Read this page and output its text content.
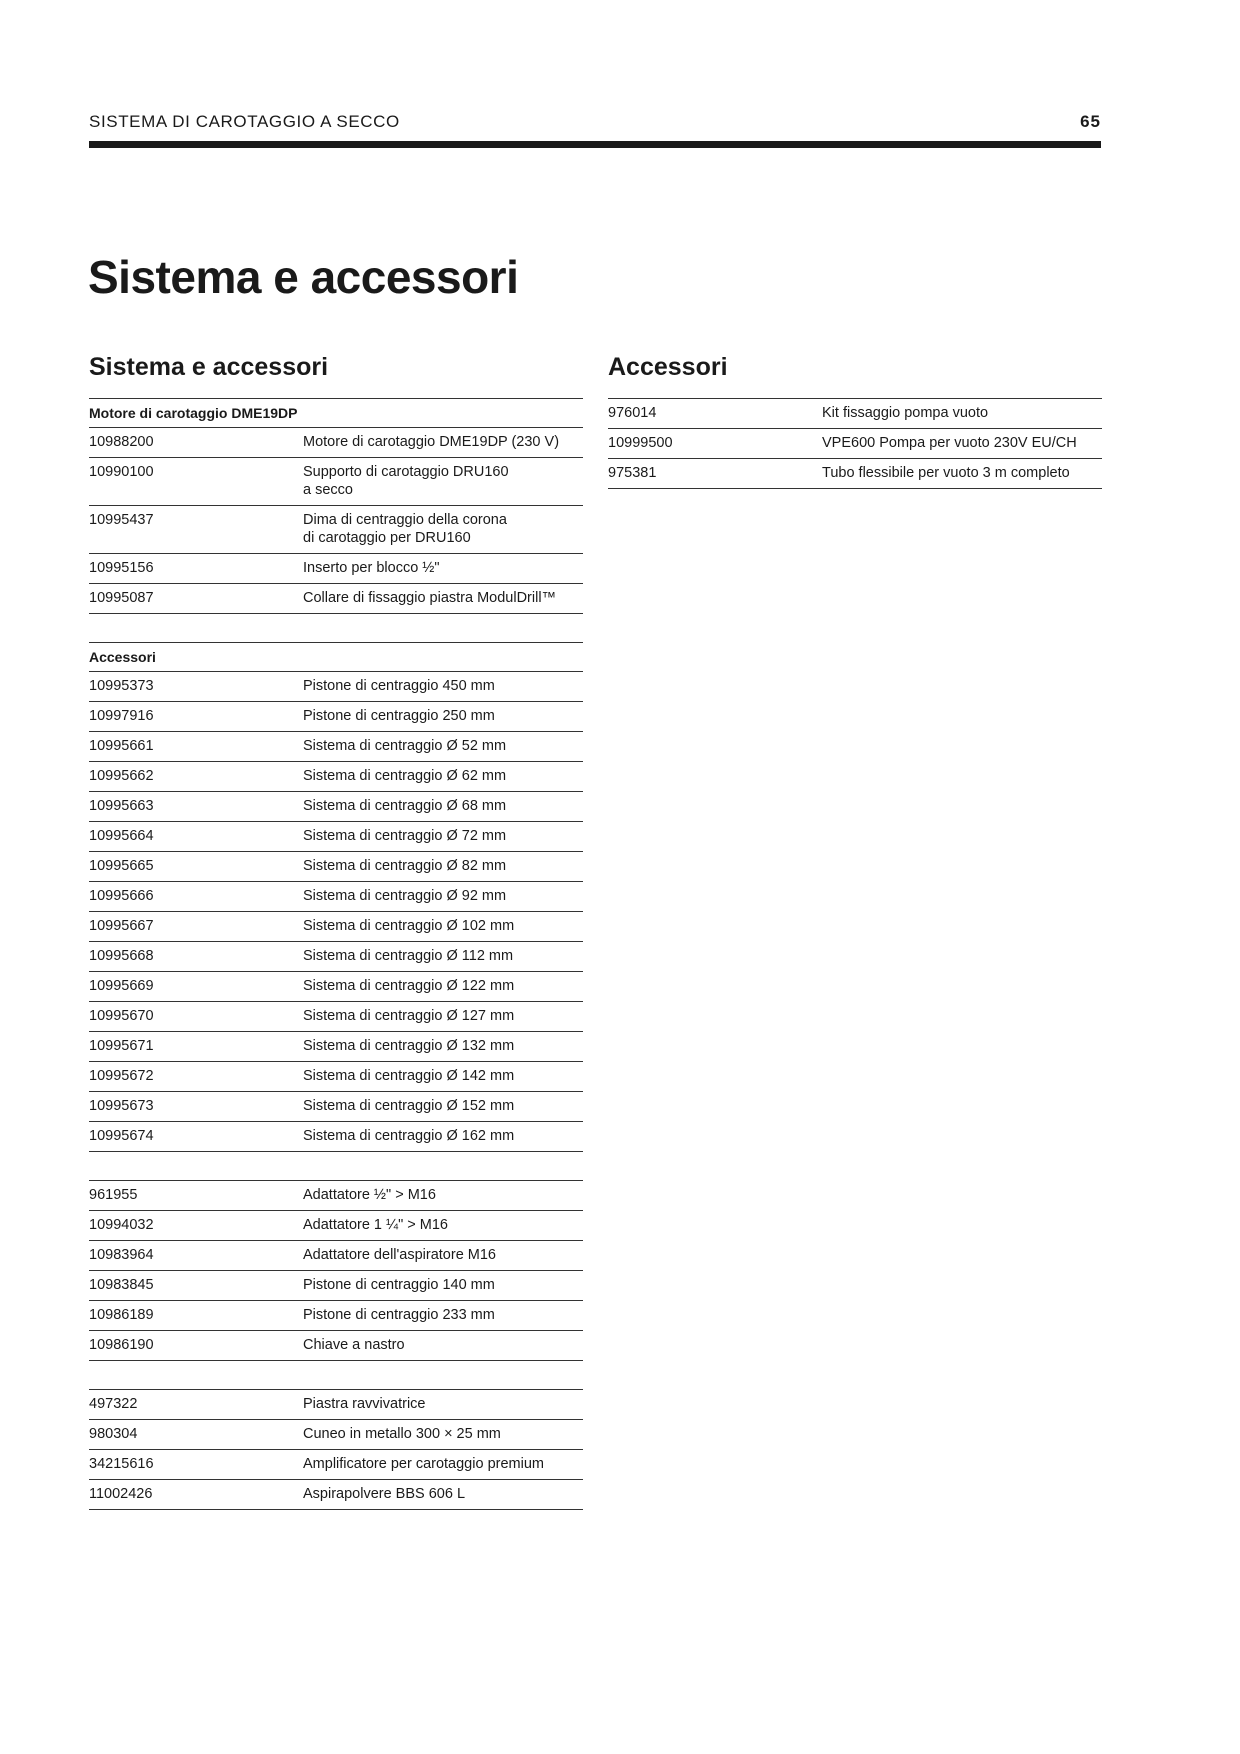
SISTEMA DI CAROTAGGIO A SECCO	65
Sistema e accessori
Sistema e accessori
Motore di carotaggio DME19DP
10988200	Motore di carotaggio DME19DP (230 V)
10990100	Supporto di carotaggio DRU160
a secco
10995437	Dima di centraggio della corona
di carotaggio per DRU160
10995156	Inserto per blocco ½"
10995087	Collare di fissaggio piastra ModulDrill™
Accessori
10995373	Pistone di centraggio 450 mm
10997916	Pistone di centraggio 250 mm
10995661	Sistema di centraggio Ø 52 mm
10995662	Sistema di centraggio Ø 62 mm
10995663	Sistema di centraggio Ø 68 mm
10995664	Sistema di centraggio Ø 72 mm
10995665	Sistema di centraggio Ø 82 mm
10995666	Sistema di centraggio Ø 92 mm
10995667	Sistema di centraggio Ø 102 mm
10995668	Sistema di centraggio Ø 112 mm
10995669	Sistema di centraggio Ø 122 mm
10995670	Sistema di centraggio Ø 127 mm
10995671	Sistema di centraggio Ø 132 mm
10995672	Sistema di centraggio Ø 142 mm
10995673	Sistema di centraggio Ø 152 mm
10995674	Sistema di centraggio Ø 162 mm
961955	Adattatore ½" > M16
10994032	Adattatore 1 ¼" > M16
10983964	Adattatore dell'aspiratore M16
10983845	Pistone di centraggio 140 mm
10986189	Pistone di centraggio 233 mm
10986190	Chiave a nastro
497322	Piastra ravvivatrice
980304	Cuneo in metallo 300 × 25 mm
34215616	Amplificatore per carotaggio premium
11002426	Aspirapolvere BBS 606 L
Accessori
976014	Kit fissaggio pompa vuoto
10999500	VPE600 Pompa per vuoto 230V EU/CH
975381	Tubo flessibile per vuoto 3 m completo
